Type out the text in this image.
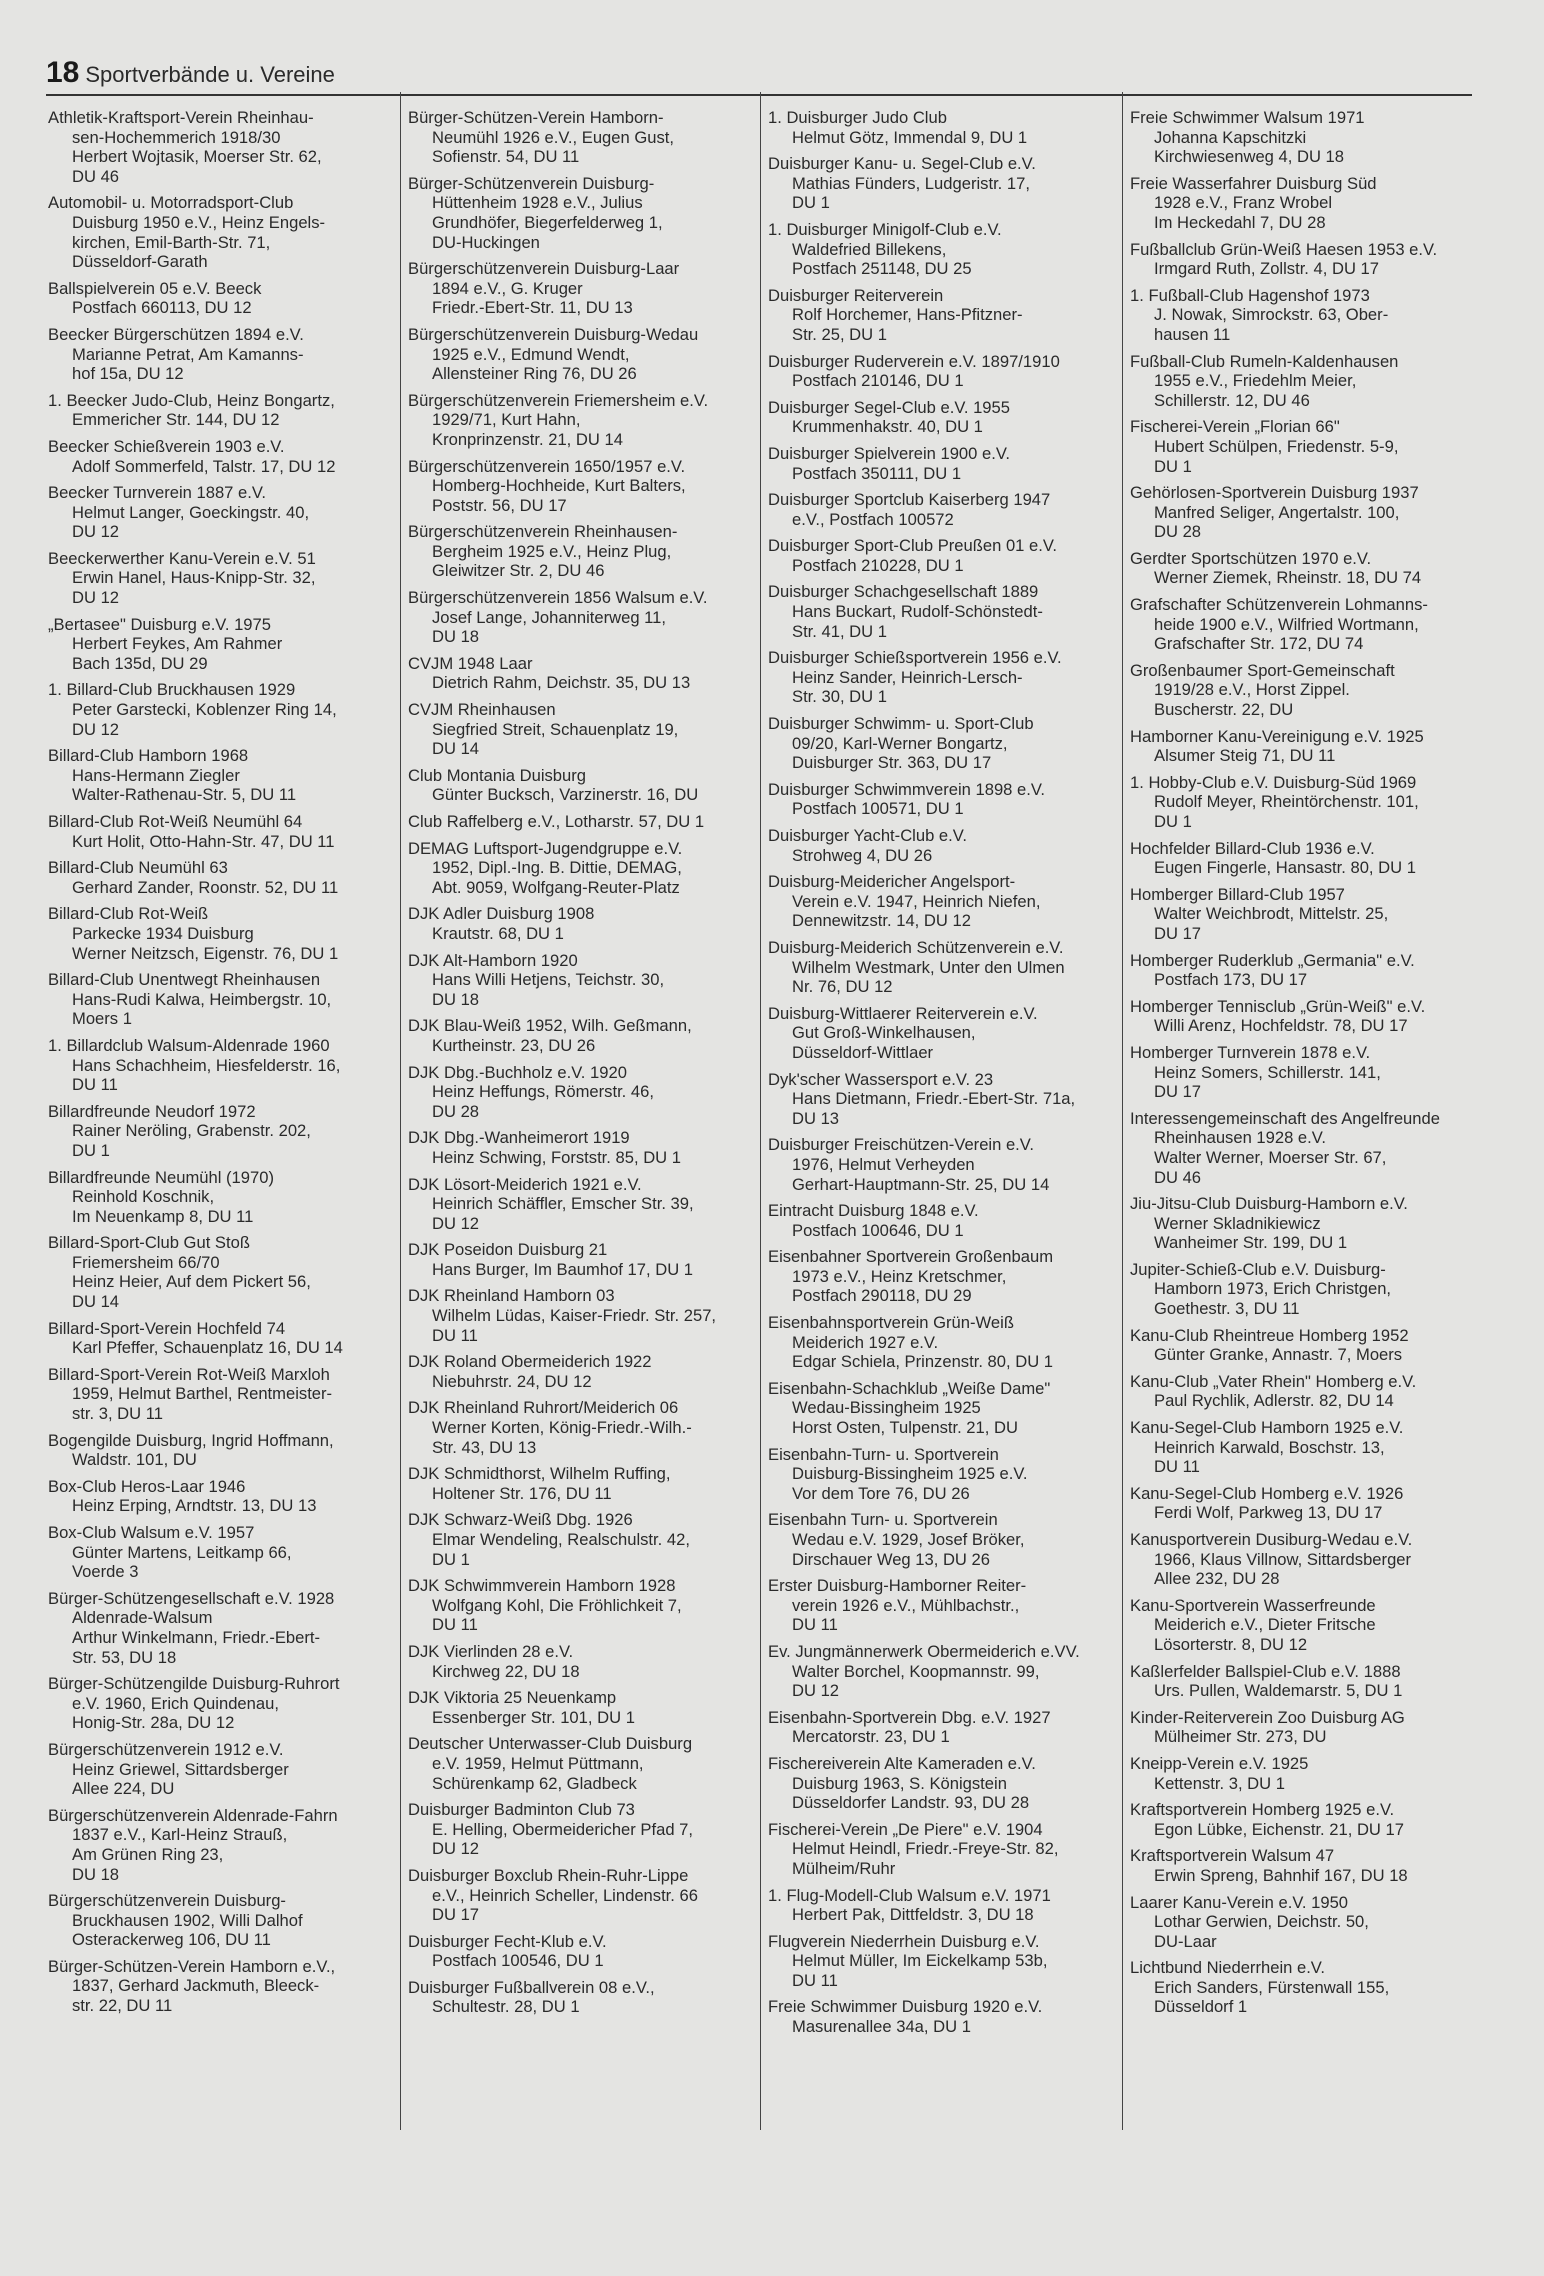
18 Sportverbände u. Vereine
Athletik-Kraftsport-Verein Rheinhau-
sen-Hochemmerich 1918/30
Herbert Wojtasik, Moerser Str. 62,
DU 46
Automobil- u. Motorradsport-Club
Duisburg 1950 e.V., Heinz Engels-
kirchen, Emil-Barth-Str. 71,
Düsseldorf-Garath
Ballspielverein 05 e.V. Beeck
Postfach 660113, DU 12
Beecker Bürgerschützen 1894 e.V.
Marianne Petrat, Am Kamanns-
hof 15a, DU 12
1. Beecker Judo-Club, Heinz Bongartz,
Emmericher Str. 144, DU 12
Beecker Schießverein 1903 e.V.
Adolf Sommerfeld, Talstr. 17, DU 12
Beecker Turnverein 1887 e.V.
Helmut Langer, Goeckingstr. 40,
DU 12
Beeckerwerther Kanu-Verein e.V. 51
Erwin Hanel, Haus-Knipp-Str. 32,
DU 12
„Bertasee" Duisburg e.V. 1975
Herbert Feykes, Am Rahmer
Bach 135d, DU 29
1. Billard-Club Bruckhausen 1929
Peter Garstecki, Koblenzer Ring 14,
DU 12
Billard-Club Hamborn 1968
Hans-Hermann Ziegler
Walter-Rathenau-Str. 5, DU 11
Billard-Club Rot-Weiß Neumühl 64
Kurt Holit, Otto-Hahn-Str. 47, DU 11
Billard-Club Neumühl 63
Gerhard Zander, Roonstr. 52, DU 11
Billard-Club Rot-Weiß
Parkecke 1934 Duisburg
Werner Neitzsch, Eigenstr. 76, DU 1
Billard-Club Unentwegt Rheinhausen
Hans-Rudi Kalwa, Heimbergstr. 10,
Moers 1
1. Billardclub Walsum-Aldenrade 1960
Hans Schachheim, Hiesfelderstr. 16,
DU 11
Billardfreunde Neudorf 1972
Rainer Neröling, Grabenstr. 202,
DU 1
Billardfreunde Neumühl (1970)
Reinhold Koschnik,
Im Neuenkamp 8, DU 11
Billard-Sport-Club Gut Stoß
Friemersheim 66/70
Heinz Heier, Auf dem Pickert 56,
DU 14
Billard-Sport-Verein Hochfeld 74
Karl Pfeffer, Schauenplatz 16, DU 14
Billard-Sport-Verein Rot-Weiß Marxloh
1959, Helmut Barthel, Rentmeister-
str. 3, DU 11
Bogengilde Duisburg, Ingrid Hoffmann,
Waldstr. 101, DU
Box-Club Heros-Laar 1946
Heinz Erping, Arndtstr. 13, DU 13
Box-Club Walsum e.V. 1957
Günter Martens, Leitkamp 66,
Voerde 3
Bürger-Schützengesellschaft e.V. 1928
Aldenrade-Walsum
Arthur Winkelmann, Friedr.-Ebert-
Str. 53, DU 18
Bürger-Schützengilde Duisburg-Ruhrort
e.V. 1960, Erich Quindenau,
Honig-Str. 28a, DU 12
Bürgerschützenverein 1912 e.V.
Heinz Griewel, Sittardsberger
Allee 224, DU
Bürgerschützenverein Aldenrade-Fahrn
1837 e.V., Karl-Heinz Strauß,
Am Grünen Ring 23,
DU 18
Bürgerschützenverein Duisburg-
Bruckhausen 1902, Willi Dalhof
Osterackerweg 106, DU 11
Bürger-Schützen-Verein Hamborn e.V.,
1837, Gerhard Jackmuth, Bleeck-
str. 22, DU 11
Bürger-Schützen-Verein Hamborn-
Neumühl 1926 e.V., Eugen Gust,
Sofienstr. 54, DU 11
Bürger-Schützenverein Duisburg-
Hüttenheim 1928 e.V., Julius
Grundhöfer, Biegerfelderweg 1,
DU-Huckingen
Bürgerschützenverein Duisburg-Laar
1894 e.V., G. Kruger
Friedr.-Ebert-Str. 11, DU 13
Bürgerschützenverein Duisburg-Wedau
1925 e.V., Edmund Wendt,
Allensteiner Ring 76, DU 26
Bürgerschützenverein Friemersheim e.V.
1929/71, Kurt Hahn,
Kronprinzenstr. 21, DU 14
Bürgerschützenverein 1650/1957 e.V.
Homberg-Hochheide, Kurt Balters,
Poststr. 56, DU 17
Bürgerschützenverein Rheinhausen-
Bergheim 1925 e.V., Heinz Plug,
Gleiwitzer Str. 2, DU 46
Bürgerschützenverein 1856 Walsum e.V.
Josef Lange, Johanniterweg 11,
DU 18
CVJM 1948 Laar
Dietrich Rahm, Deichstr. 35, DU 13
CVJM Rheinhausen
Siegfried Streit, Schauenplatz 19,
DU 14
Club Montania Duisburg
Günter Bucksch, Varzinerstr. 16, DU
Club Raffelberg e.V., Lotharstr. 57, DU 1
DEMAG Luftsport-Jugendgruppe e.V.
1952, Dipl.-Ing. B. Dittie, DEMAG,
Abt. 9059, Wolfgang-Reuter-Platz
DJK Adler Duisburg 1908
Krautstr. 68, DU 1
DJK Alt-Hamborn 1920
Hans Willi Hetjens, Teichstr. 30,
DU 18
DJK Blau-Weiß 1952, Wilh. Geßmann,
Kurtheinstr. 23, DU 26
DJK Dbg.-Buchholz e.V. 1920
Heinz Heffungs, Römerstr. 46,
DU 28
DJK Dbg.-Wanheimerort 1919
Heinz Schwing, Forststr. 85, DU 1
DJK Lösort-Meiderich 1921 e.V.
Heinrich Schäffler, Emscher Str. 39,
DU 12
DJK Poseidon Duisburg 21
Hans Burger, Im Baumhof 17, DU 1
DJK Rheinland Hamborn 03
Wilhelm Lüdas, Kaiser-Friedr. Str. 257,
DU 11
DJK Roland Obermeiderich 1922
Niebuhrstr. 24, DU 12
DJK Rheinland Ruhrort/Meiderich 06
Werner Korten, König-Friedr.-Wilh.-
Str. 43, DU 13
DJK Schmidthorst, Wilhelm Ruffing,
Holtener Str. 176, DU 11
DJK Schwarz-Weiß Dbg. 1926
Elmar Wendeling, Realschulstr. 42,
DU 1
DJK Schwimmverein Hamborn 1928
Wolfgang Kohl, Die Fröhlichkeit 7,
DU 11
DJK Vierlinden 28 e.V.
Kirchweg 22, DU 18
DJK Viktoria 25 Neuenkamp
Essenberger Str. 101, DU 1
Deutscher Unterwasser-Club Duisburg
e.V. 1959, Helmut Püttmann,
Schürenkamp 62, Gladbeck
Duisburger Badminton Club 73
E. Helling, Obermeidericher Pfad 7,
DU 12
Duisburger Boxclub Rhein-Ruhr-Lippe
e.V., Heinrich Scheller, Lindenstr. 66
DU 17
Duisburger Fecht-Klub e.V.
Postfach 100546, DU 1
Duisburger Fußballverein 08 e.V.,
Schultestr. 28, DU 1
1. Duisburger Judo Club
Helmut Götz, Immendal 9, DU 1
Duisburger Kanu- u. Segel-Club e.V.
Mathias Fünders, Ludgeristr. 17,
DU 1
1. Duisburger Minigolf-Club e.V.
Waldefried Billekens,
Postfach 251148, DU 25
Duisburger Reiterverein
Rolf Horchemer, Hans-Pfitzner-
Str. 25, DU 1
Duisburger Ruderverein e.V. 1897/1910
Postfach 210146, DU 1
Duisburger Segel-Club e.V. 1955
Krummenhakstr. 40, DU 1
Duisburger Spielverein 1900 e.V.
Postfach 350111, DU 1
Duisburger Sportclub Kaiserberg 1947
e.V., Postfach 100572
Duisburger Sport-Club Preußen 01 e.V.
Postfach 210228, DU 1
Duisburger Schachgesellschaft 1889
Hans Buckart, Rudolf-Schönstedt-
Str. 41, DU 1
Duisburger Schießsportverein 1956 e.V.
Heinz Sander, Heinrich-Lersch-
Str. 30, DU 1
Duisburger Schwimm- u. Sport-Club
09/20, Karl-Werner Bongartz,
Duisburger Str. 363, DU 17
Duisburger Schwimmverein 1898 e.V.
Postfach 100571, DU 1
Duisburger Yacht-Club e.V.
Strohweg 4, DU 26
Duisburg-Meidericher Angelsport-
Verein e.V. 1947, Heinrich Niefen,
Dennewitzstr. 14, DU 12
Duisburg-Meiderich Schützenverein e.V.
Wilhelm Westmark, Unter den Ulmen
Nr. 76, DU 12
Duisburg-Wittlaerer Reiterverein e.V.
Gut Groß-Winkelhausen,
Düsseldorf-Wittlaer
Dyk'scher Wassersport e.V. 23
Hans Dietmann, Friedr.-Ebert-Str. 71a,
DU 13
Duisburger Freischützen-Verein e.V.
1976, Helmut Verheyden
Gerhart-Hauptmann-Str. 25, DU 14
Eintracht Duisburg 1848 e.V.
Postfach 100646, DU 1
Eisenbahner Sportverein Großenbaum
1973 e.V., Heinz Kretschmer,
Postfach 290118, DU 29
Eisenbahnsportverein Grün-Weiß
Meiderich 1927 e.V.
Edgar Schiela, Prinzenstr. 80, DU 1
Eisenbahn-Schachklub „Weiße Dame"
Wedau-Bissingheim 1925
Horst Osten, Tulpenstr. 21, DU
Eisenbahn-Turn- u. Sportverein
Duisburg-Bissingheim 1925 e.V.
Vor dem Tore 76, DU 26
Eisenbahn Turn- u. Sportverein
Wedau e.V. 1929, Josef Bröker,
Dirschauer Weg 13, DU 26
Erster Duisburg-Hamborner Reiter-
verein 1926 e.V., Mühlbachstr.,
DU 11
Ev. Jungmännerwerk Obermeiderich e.VV.
Walter Borchel, Koopmannstr. 99,
DU 12
Eisenbahn-Sportverein Dbg. e.V. 1927
Mercatorstr. 23, DU 1
Fischereiverein Alte Kameraden e.V.
Duisburg 1963, S. Königstein
Düsseldorfer Landstr. 93, DU 28
Fischerei-Verein „De Piere" e.V. 1904
Helmut Heindl, Friedr.-Freye-Str. 82,
Mülheim/Ruhr
1. Flug-Modell-Club Walsum e.V. 1971
Herbert Pak, Dittfeldstr. 3, DU 18
Flugverein Niederrhein Duisburg e.V.
Helmut Müller, Im Eickelkamp 53b,
DU 11
Freie Schwimmer Duisburg 1920 e.V.
Masurenallee 34a, DU 1
Freie Schwimmer Walsum 1971
Johanna Kapschitzki
Kirchwiesenweg 4, DU 18
Freie Wasserfahrer Duisburg Süd
1928 e.V., Franz Wrobel
Im Heckedahl 7, DU 28
Fußballclub Grün-Weiß Haesen 1953 e.V.
Irmgard Ruth, Zollstr. 4, DU 17
1. Fußball-Club Hagenshof 1973
J. Nowak, Simrockstr. 63, Ober-
hausen 11
Fußball-Club Rumeln-Kaldenhausen
1955 e.V., Friedehlm Meier,
Schillerstr. 12, DU 46
Fischerei-Verein „Florian 66"
Hubert Schülpen, Friedenstr. 5-9,
DU 1
Gehörlosen-Sportverein Duisburg 1937
Manfred Seliger, Angertalstr. 100,
DU 28
Gerdter Sportschützen 1970 e.V.
Werner Ziemek, Rheinstr. 18, DU 74
Grafschafter Schützenverein Lohmanns-
heide 1900 e.V., Wilfried Wortmann,
Grafschafter Str. 172, DU 74
Großenbaumer Sport-Gemeinschaft
1919/28 e.V., Horst Zippel.
Buscherstr. 22, DU
Hamborner Kanu-Vereinigung e.V. 1925
Alsumer Steig 71, DU 11
1. Hobby-Club e.V. Duisburg-Süd 1969
Rudolf Meyer, Rheintörchenstr. 101,
DU 1
Hochfelder Billard-Club 1936 e.V.
Eugen Fingerle, Hansastr. 80, DU 1
Homberger Billard-Club 1957
Walter Weichbrodt, Mittelstr. 25,
DU 17
Homberger Ruderklub „Germania" e.V.
Postfach 173, DU 17
Homberger Tennisclub „Grün-Weiß" e.V.
Willi Arenz, Hochfeldstr. 78, DU 17
Homberger Turnverein 1878 e.V.
Heinz Somers, Schillerstr. 141,
DU 17
Interessengemeinschaft des Angelfreunde
Rheinhausen 1928 e.V.
Walter Werner, Moerser Str. 67,
DU 46
Jiu-Jitsu-Club Duisburg-Hamborn e.V.
Werner Skladnikiewicz
Wanheimer Str. 199, DU 1
Jupiter-Schieß-Club e.V. Duisburg-
Hamborn 1973, Erich Christgen,
Goethestr. 3, DU 11
Kanu-Club Rheintreue Homberg 1952
Günter Granke, Annastr. 7, Moers
Kanu-Club „Vater Rhein" Homberg e.V.
Paul Rychlik, Adlerstr. 82, DU 14
Kanu-Segel-Club Hamborn 1925 e.V.
Heinrich Karwald, Boschstr. 13,
DU 11
Kanu-Segel-Club Homberg e.V. 1926
Ferdi Wolf, Parkweg 13, DU 17
Kanusportverein Dusiburg-Wedau e.V.
1966, Klaus Villnow, Sittardsberger
Allee 232, DU 28
Kanu-Sportverein Wasserfreunde
Meiderich e.V., Dieter Fritsche
Lösorterstr. 8, DU 12
Kaßlerfelder Ballspiel-Club e.V. 1888
Urs. Pullen, Waldemarstr. 5, DU 1
Kinder-Reiterverein Zoo Duisburg AG
Mülheimer Str. 273, DU
Kneipp-Verein e.V. 1925
Kettenstr. 3, DU 1
Kraftsportverein Homberg 1925 e.V.
Egon Lübke, Eichenstr. 21, DU 17
Kraftsportverein Walsum 47
Erwin Spreng, Bahnhif 167, DU 18
Laarer Kanu-Verein e.V. 1950
Lothar Gerwien, Deichstr. 50,
DU-Laar
Lichtbund Niederrhein e.V.
Erich Sanders, Fürstenwall 155,
Düsseldorf 1
